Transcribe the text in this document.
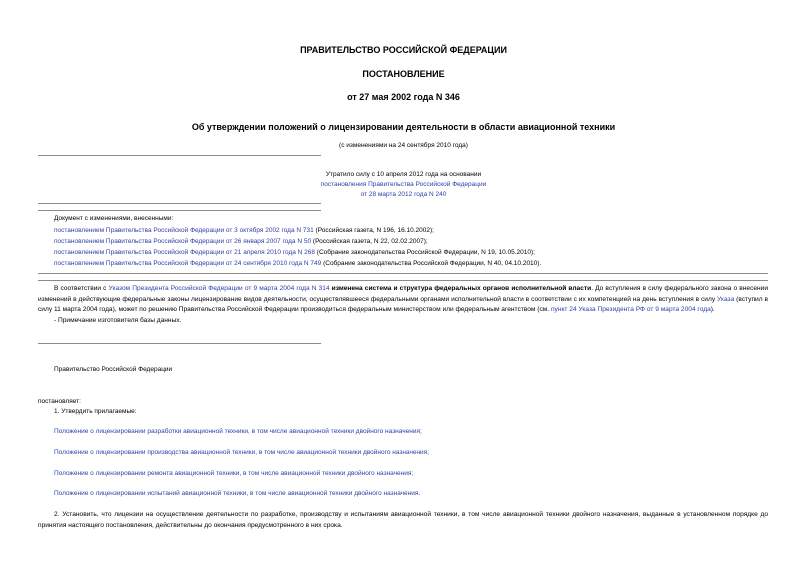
ПРАВИТЕЛЬСТВО РОССИЙСКОЙ ФЕДЕРАЦИИ
ПОСТАНОВЛЕНИЕ
от 27 мая 2002 года N 346
Об утверждении положений о лицензировании деятельности в области авиационной техники
(с изменениями на 24 сентября 2010 года)
Утратило силу с 10 апреля 2012 года на основании
постановления Правительства Российской Федерации
от 28 марта 2012 года N 240
Документ с изменениями, внесенными:
постановлением Правительства Российской Федерации от 3 октября 2002 года N 731 (Российская газета, N 196, 16.10.2002);
постановлением Правительства Российской Федерации от 26 января 2007 года N 50 (Российская газета, N 22, 02.02.2007);
постановлением Правительства Российской Федерации от 21 апреля 2010 года N 268 (Собрание законодательства Российской Федерации, N 19, 10.05.2010);
постановлением Правительства Российской Федерации от 24 сентября 2010 года N 749 (Собрание законодательства Российской Федерации, N 40, 04.10.2010).

В соответствии с Указом Президента Российской Федерации от 9 марта 2004 года N 314 изменена система и структура федеральных органов исполнительной власти. До вступления в силу федерального закона о внесении изменений в действующие федеральные законы лицензирование видов деятельности, осуществлявшееся федеральными органами исполнительной власти в соответствии с их компетенцией на день вступления в силу Указа (вступил в силу 11 марта 2004 года), может по решению Правительства Российской Федерации производиться федеральным министерством или федеральным агентством (см. пункт 24 Указа Президента РФ от 9 марта 2004 года).

- Примечание изготовителя базы данных.

Правительство Российской Федерации
постановляет:
1. Утвердить прилагаемые:
Положение о лицензировании разработки авиационной техники, в том числе авиационной техники двойного назначения;
Положение о лицензировании производства авиационной техники, в том числе авиационной техники двойного назначения;
Положение о лицензировании ремонта авиационной техники, в том числе авиационной техники двойного назначения;
Положение о лицензировании испытаний авиационной техники, в том числе авиационной техники двойного назначения.

2. Установить, что лицензии на осуществление деятельности по разработке, производству и испытаниям авиационной техники, в том числе авиационной техники двойного назначения, выданные в установленном порядке до принятия настоящего постановления, действительны до окончания предусмотренного в них срока.
